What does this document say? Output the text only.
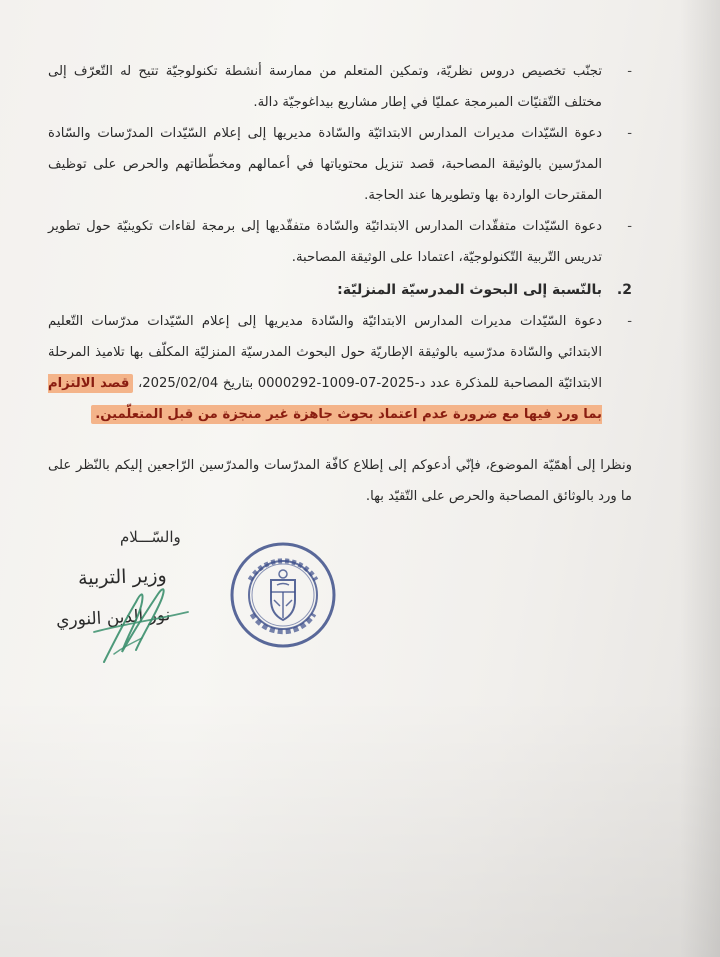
-
تجنّب تخصيص دروس نظريّة، وتمكين المتعلم من ممارسة أنشطة تكنولوجيّة تتيح له التّعرّف إلى مختلف التّقنيّات المبرمجة عمليّا في إطار مشاريع بيداغوجيّة دالة.
-
دعوة السّيّدات مديرات المدارس الابتدائيّة والسّادة مديريها إلى إعلام السّيّدات المدرّسات والسّادة المدرّسين بالوثيقة المصاحبة، قصد تنزيل محتوياتها في أعمالهم ومخطّطاتهم والحرص على توظيف المقترحات الواردة بها وتطويرها عند الحاجة.
-
دعوة السّيّدات متفقّدات المدارس الابتدائيّة والسّادة متفقّديها إلى برمجة لقاءات تكوينيّة حول تطوير تدريس التّربية التّكنولوجيّة، اعتمادا على الوثيقة المصاحبة.
2.
بالنّسبة إلى البحوث المدرسيّة المنزليّة:
-
دعوة السّيّدات مديرات المدارس الابتدائيّة والسّادة مديريها إلى إعلام السّيّدات مدرّسات التّعليم الابتدائي والسّادة مدرّسيه بالوثيقة الإطاريّة حول البحوث المدرسيّة المنزليّة المكلّف بها تلاميذ المرحلة الابتدائيّة المصاحبة للمذكرة عدد د-2025-07-1009-0000292 بتاريخ 2025/02/04، قصد الالتزام بما ورد فيها مع ضرورة عدم اعتماد بحوث جاهزة غير منجزة من قبل المتعلّمين.
ونظرا إلى أهمّيّة الموضوع، فإنّي أدعوكم إلى إطلاع كافّة المدرّسات والمدرّسين الرّاجعين إليكم بالنّظر على ما ورد بالوثائق المصاحبة والحرص على التّقيّد بها.
والسّـــلام
وزير التربية
نور الدين النوري
